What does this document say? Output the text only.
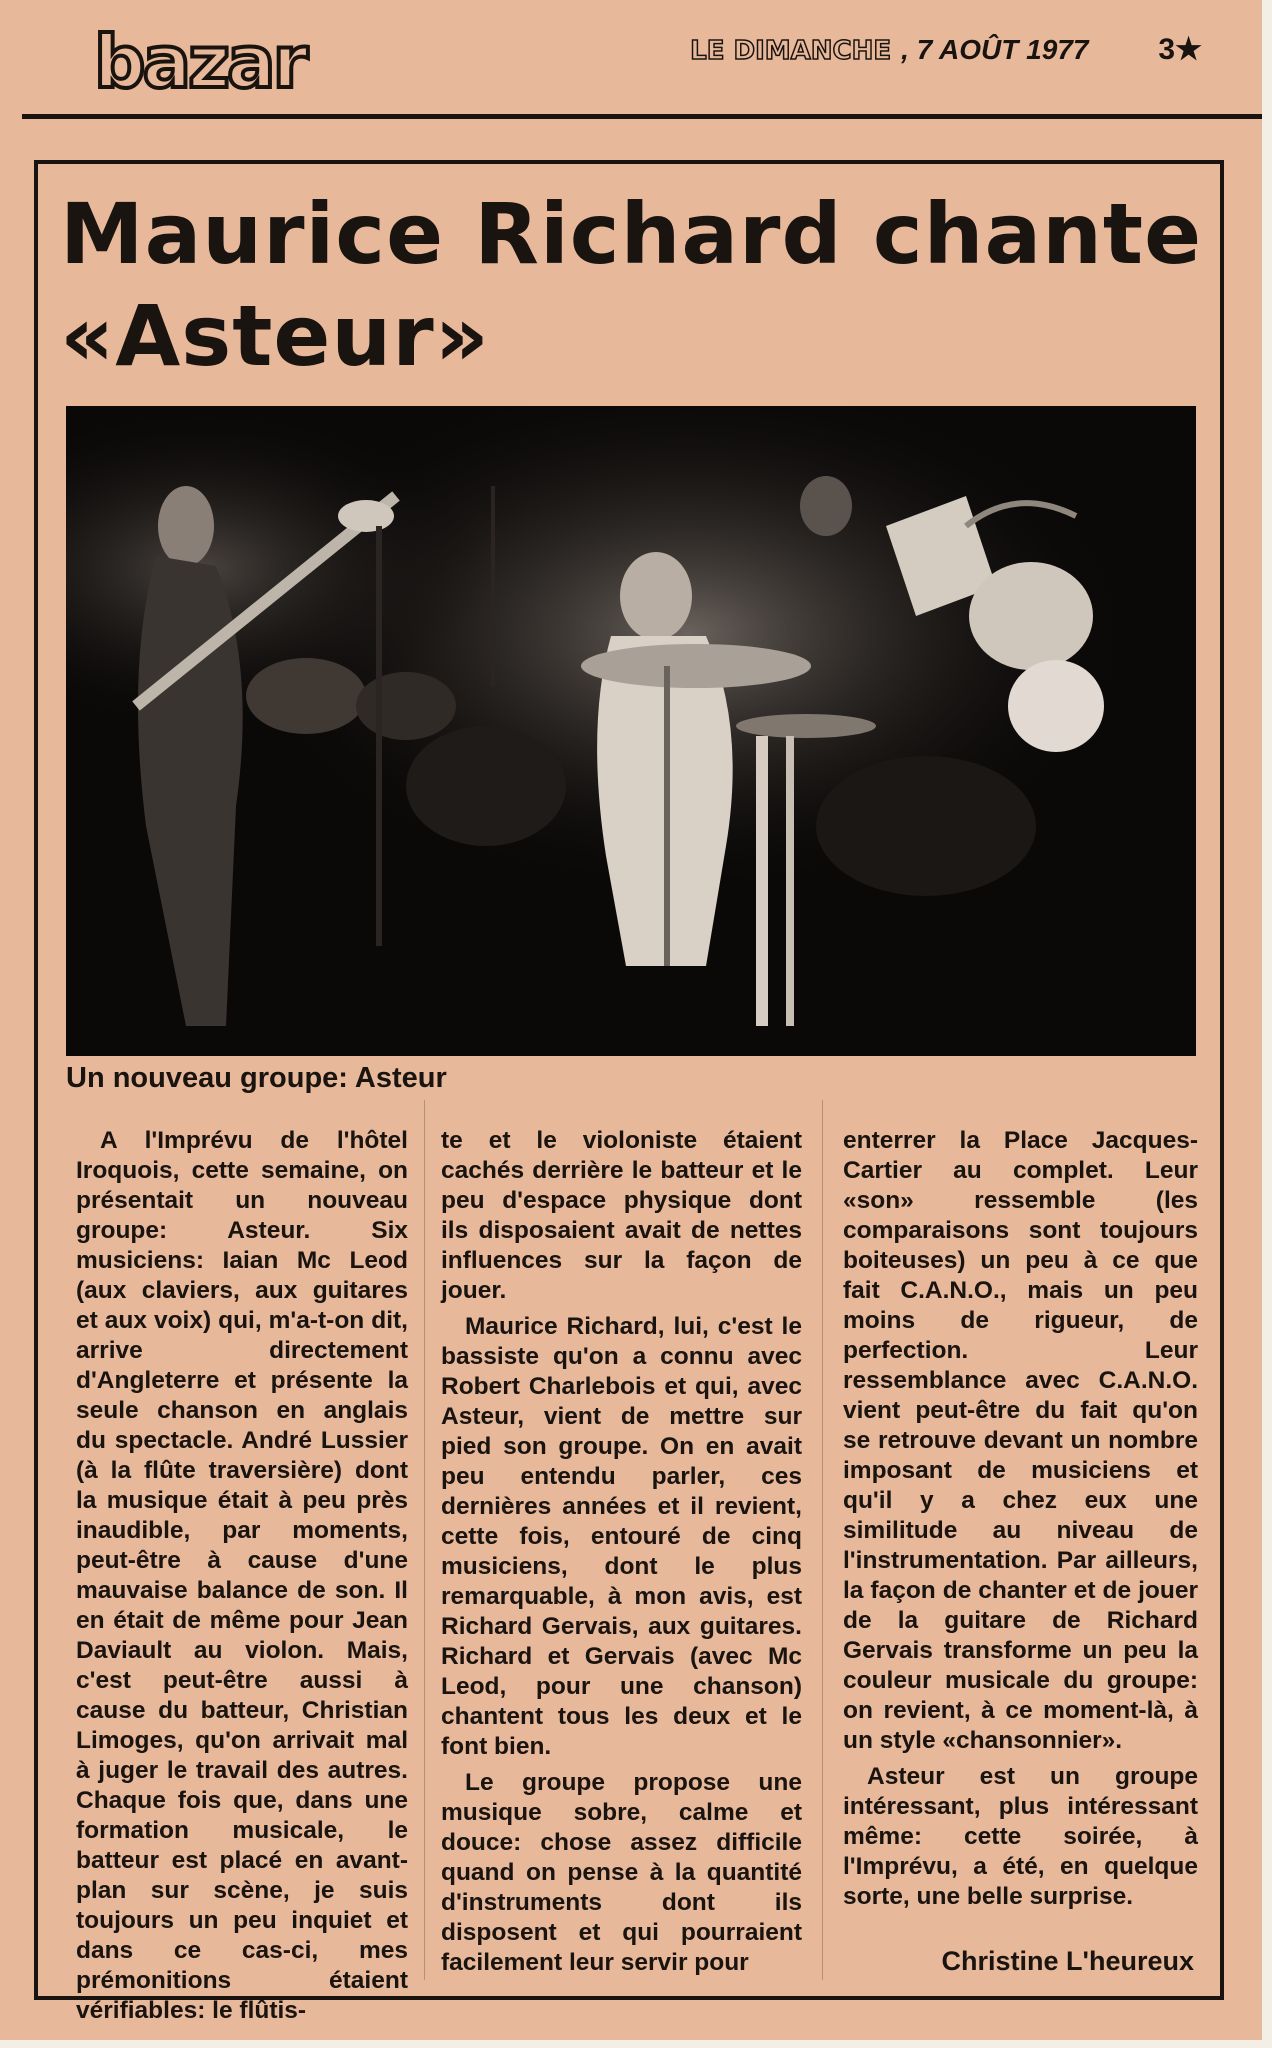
bazar	LE DIMANCHE , 7 AOÛT 1977 3★
Maurice Richard chante «Asteur»
Un nouveau groupe: Asteur

A l'Imprévu de l'hôtel Iroquois, cette semaine, on présentait un nouveau groupe: Asteur. Six musiciens: Iaian Mc Leod (aux claviers, aux guitares et aux voix) qui, m'a-t-on dit, arrive directement d'Angleterre et présente la seule chanson en anglais du spectacle. André Lussier (à la flûte traversière) dont la musique était à peu près inaudible, par moments, peut-être à cause d'une mauvaise balance de son. Il en était de même pour Jean Daviault au violon. Mais, c'est peut-être aussi à cause du batteur, Christian Limoges, qu'on arrivait mal à juger le travail des autres. Chaque fois que, dans une formation musicale, le batteur est placé en avant-plan sur scène, je suis toujours un peu inquiet et dans ce cas-ci, mes prémonitions étaient vérifiables: le flûtis-

te et le violoniste étaient cachés derrière le batteur et le peu d'espace physique dont ils disposaient avait de nettes influences sur la façon de jouer.

Maurice Richard, lui, c'est le bassiste qu'on a connu avec Robert Charlebois et qui, avec Asteur, vient de mettre sur pied son groupe. On en avait peu entendu parler, ces dernières années et il revient, cette fois, entouré de cinq musiciens, dont le plus remarquable, à mon avis, est Richard Gervais, aux guitares. Richard et Gervais (avec Mc Leod, pour une chanson) chantent tous les deux et le font bien.

Le groupe propose une musique sobre, calme et douce: chose assez difficile quand on pense à la quantité d'instruments dont ils disposent et qui pourraient facilement leur servir pour

enterrer la Place Jacques-Cartier au complet. Leur «son» ressemble (les comparaisons sont toujours boiteuses) un peu à ce que fait C.A.N.O., mais un peu moins de rigueur, de perfection. Leur ressemblance avec C.A.N.O. vient peut-être du fait qu'on se retrouve devant un nombre imposant de musiciens et qu'il y a chez eux une similitude au niveau de l'instrumentation. Par ailleurs, la façon de chanter et de jouer de la guitare de Richard Gervais transforme un peu la couleur musicale du groupe: on revient, à ce moment-là, à un style «chansonnier».

Asteur est un groupe intéressant, plus intéressant même: cette soirée, à l'Imprévu, a été, en quelque sorte, une belle surprise.

Christine L'heureux
